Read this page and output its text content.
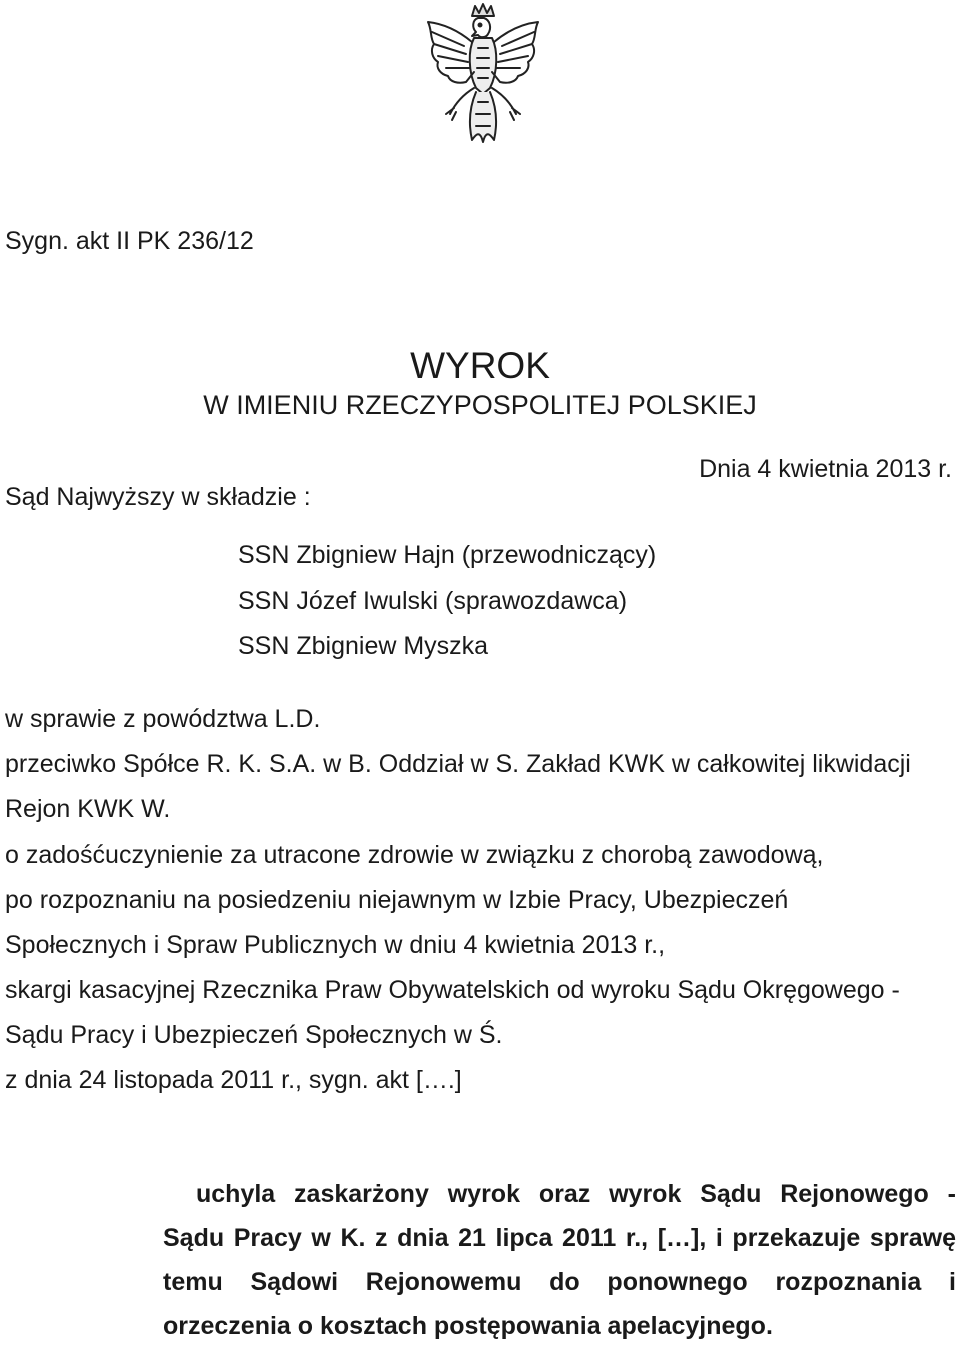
Sygn. akt II PK 236/12
WYROK
W IMIENIU RZECZYPOSPOLITEJ POLSKIEJ
Dnia 4 kwietnia 2013 r.
Sąd Najwyższy w składzie :
SSN Zbigniew Hajn (przewodniczący)
SSN Józef Iwulski (sprawozdawca)
SSN Zbigniew Myszka
w sprawie z powództwa L.D.
przeciwko Spółce R. K. S.A. w B. Oddział w S. Zakład KWK w całkowitej likwidacji
Rejon KWK W.
o zadośćuczynienie za utracone zdrowie w związku z chorobą zawodową,
po rozpoznaniu na posiedzeniu niejawnym w Izbie Pracy, Ubezpieczeń
Społecznych i Spraw Publicznych w dniu 4 kwietnia 2013 r.,
skargi kasacyjnej Rzecznika Praw Obywatelskich od wyroku Sądu Okręgowego -
Sądu Pracy i Ubezpieczeń Społecznych w Ś.
z dnia 24 listopada 2011 r., sygn. akt [….]
uchyla zaskarżony wyrok oraz wyrok Sądu Rejonowego -
Sądu Pracy w K. z dnia 21 lipca 2011 r., […], i przekazuje sprawę
temu Sądowi Rejonowemu do ponownego rozpoznania i
orzeczenia o kosztach postępowania apelacyjnego.
